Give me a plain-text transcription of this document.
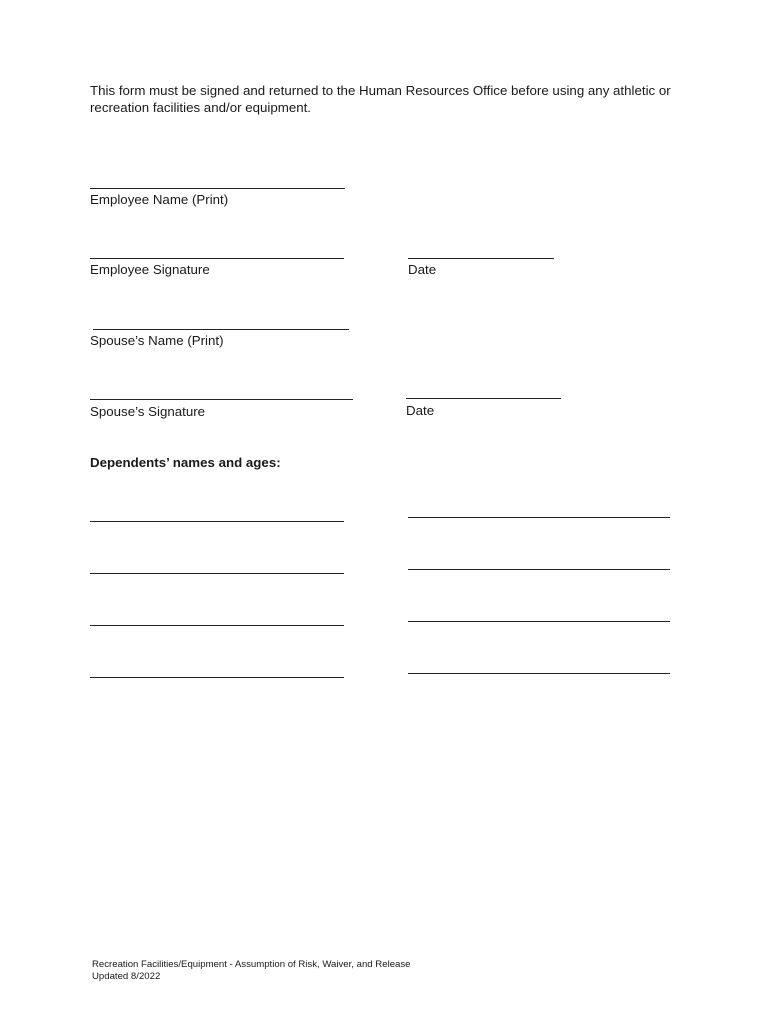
This form must be signed and returned to the Human Resources Office before using any athletic or recreation facilities and/or equipment.
Employee Name (Print)
Employee Signature	Date
Spouse’s Name (Print)
Spouse’s Signature	Date
Dependents’ names and ages:
Recreation Facilities/Equipment - Assumption of Risk, Waiver, and Release
Updated 8/2022
